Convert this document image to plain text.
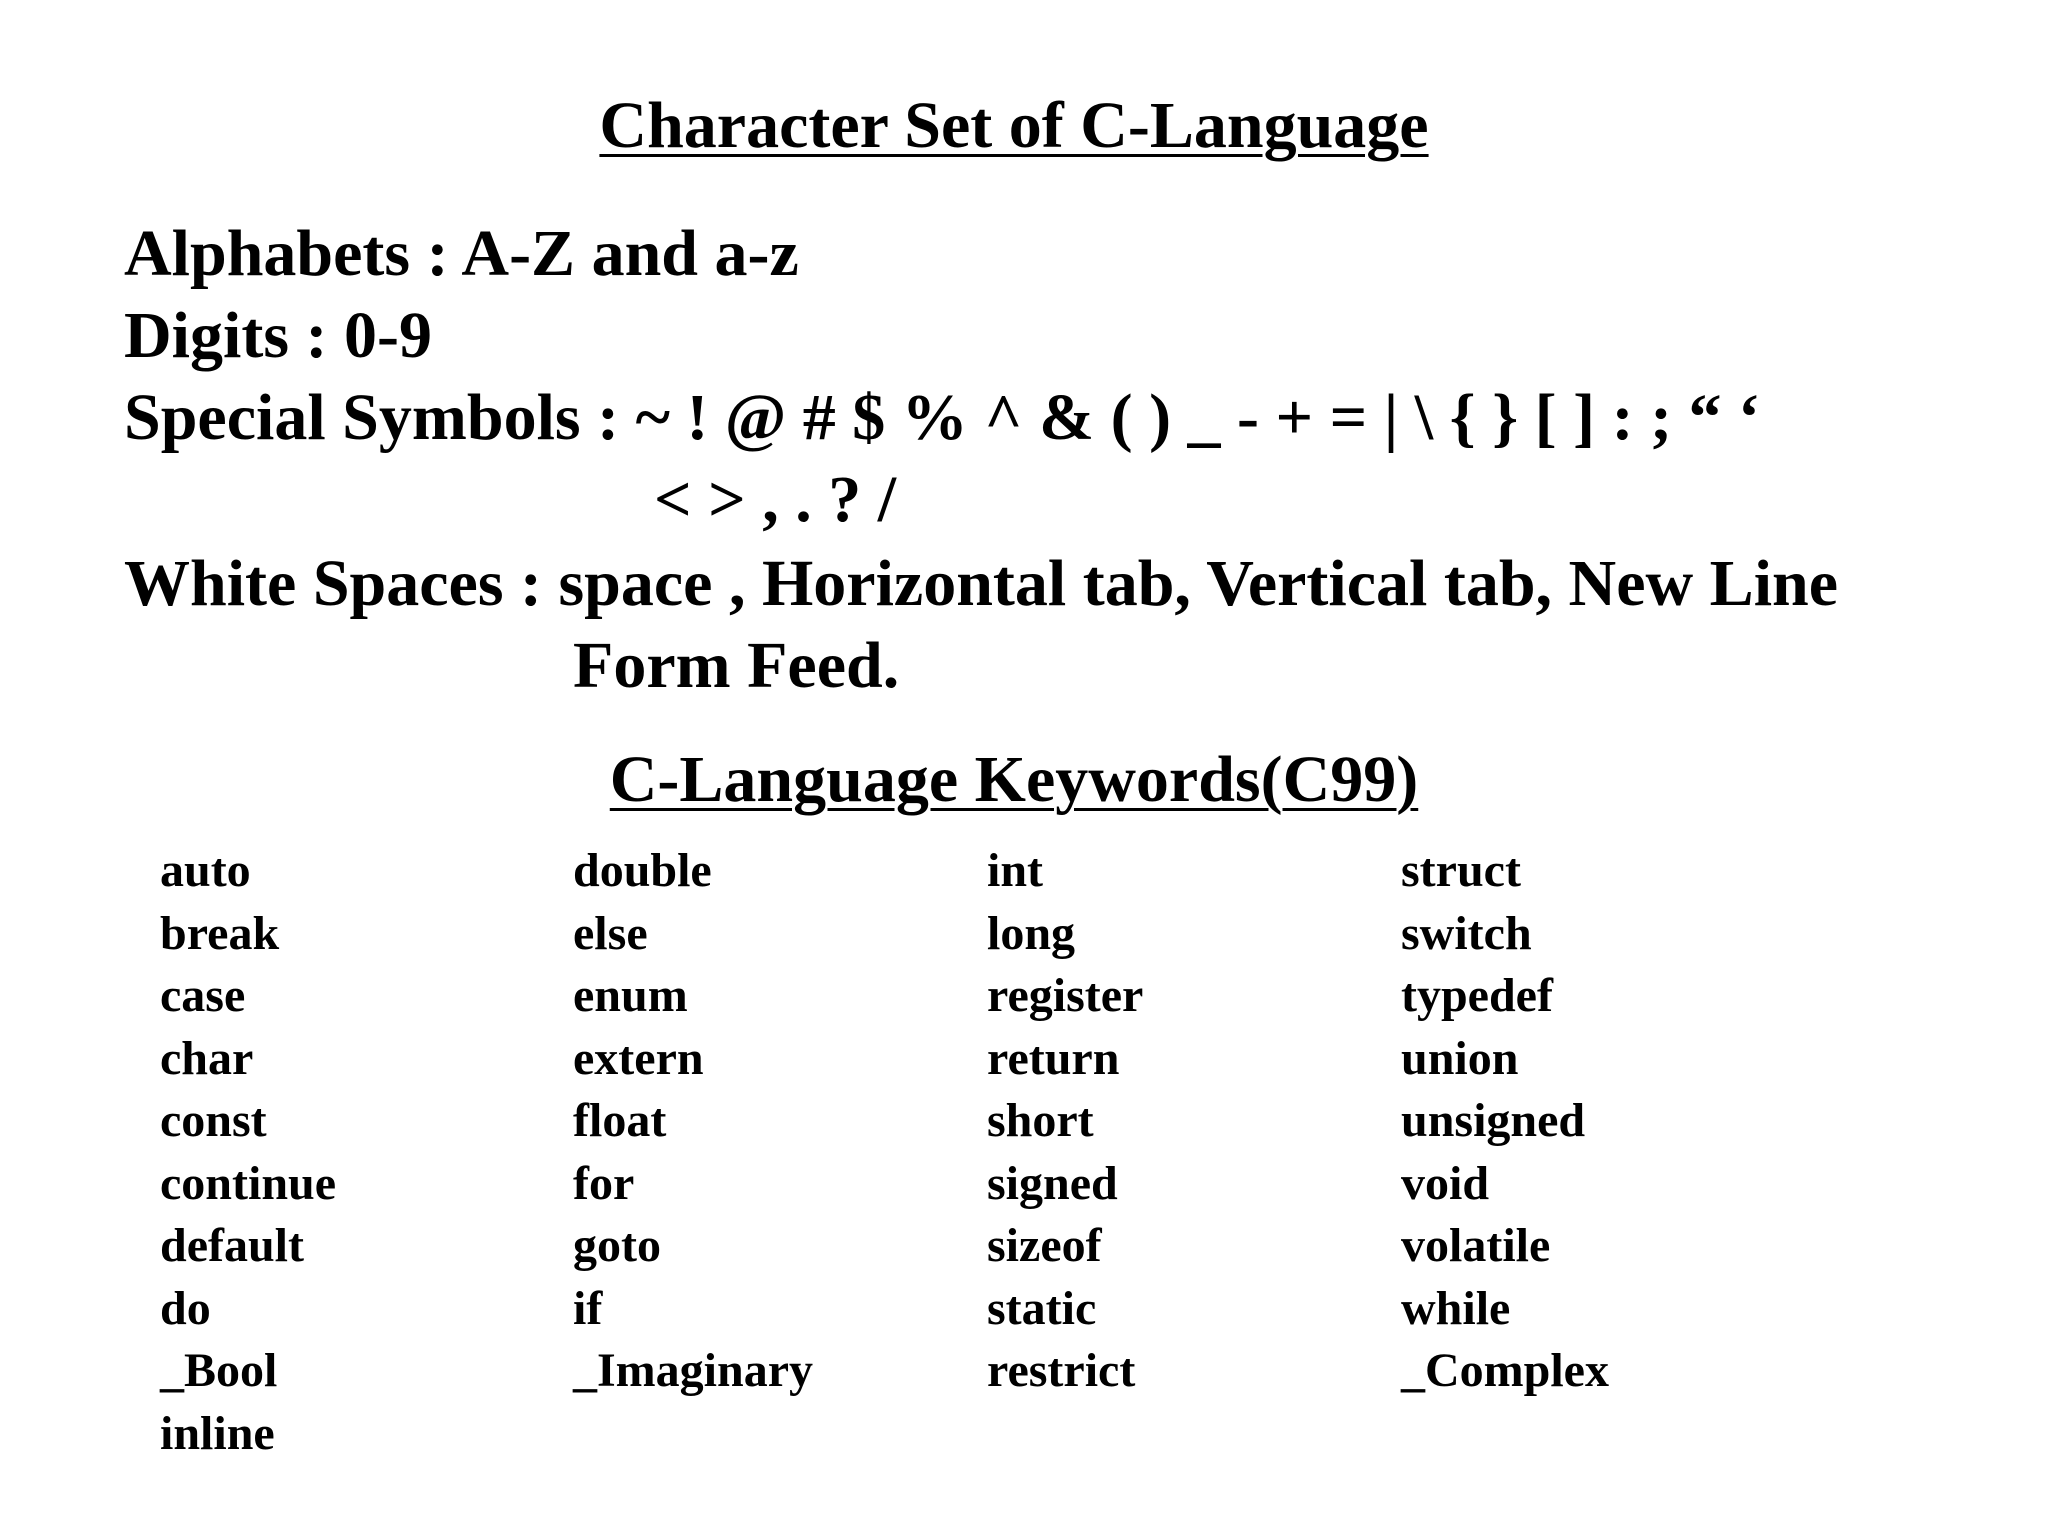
Character Set of C-Language
Alphabets : A-Z and a-z
Digits : 0-9
Special Symbols : ~ ! @ # $ % ^ & ( ) _ - + = | \ { } [ ] : ; “ ‘
< > , . ? /
White Spaces : space , Horizontal tab, Vertical tab, New Line
Form Feed.
C-Language Keywords(C99)
auto
break
case
char
const
continue
default
do
_Bool
inline
double
else
enum
extern
float
for
goto
if
_Imaginary
int
long
register
return
short
signed
sizeof
static
restrict
struct
switch
typedef
union
unsigned
void
volatile
while
_Complex
